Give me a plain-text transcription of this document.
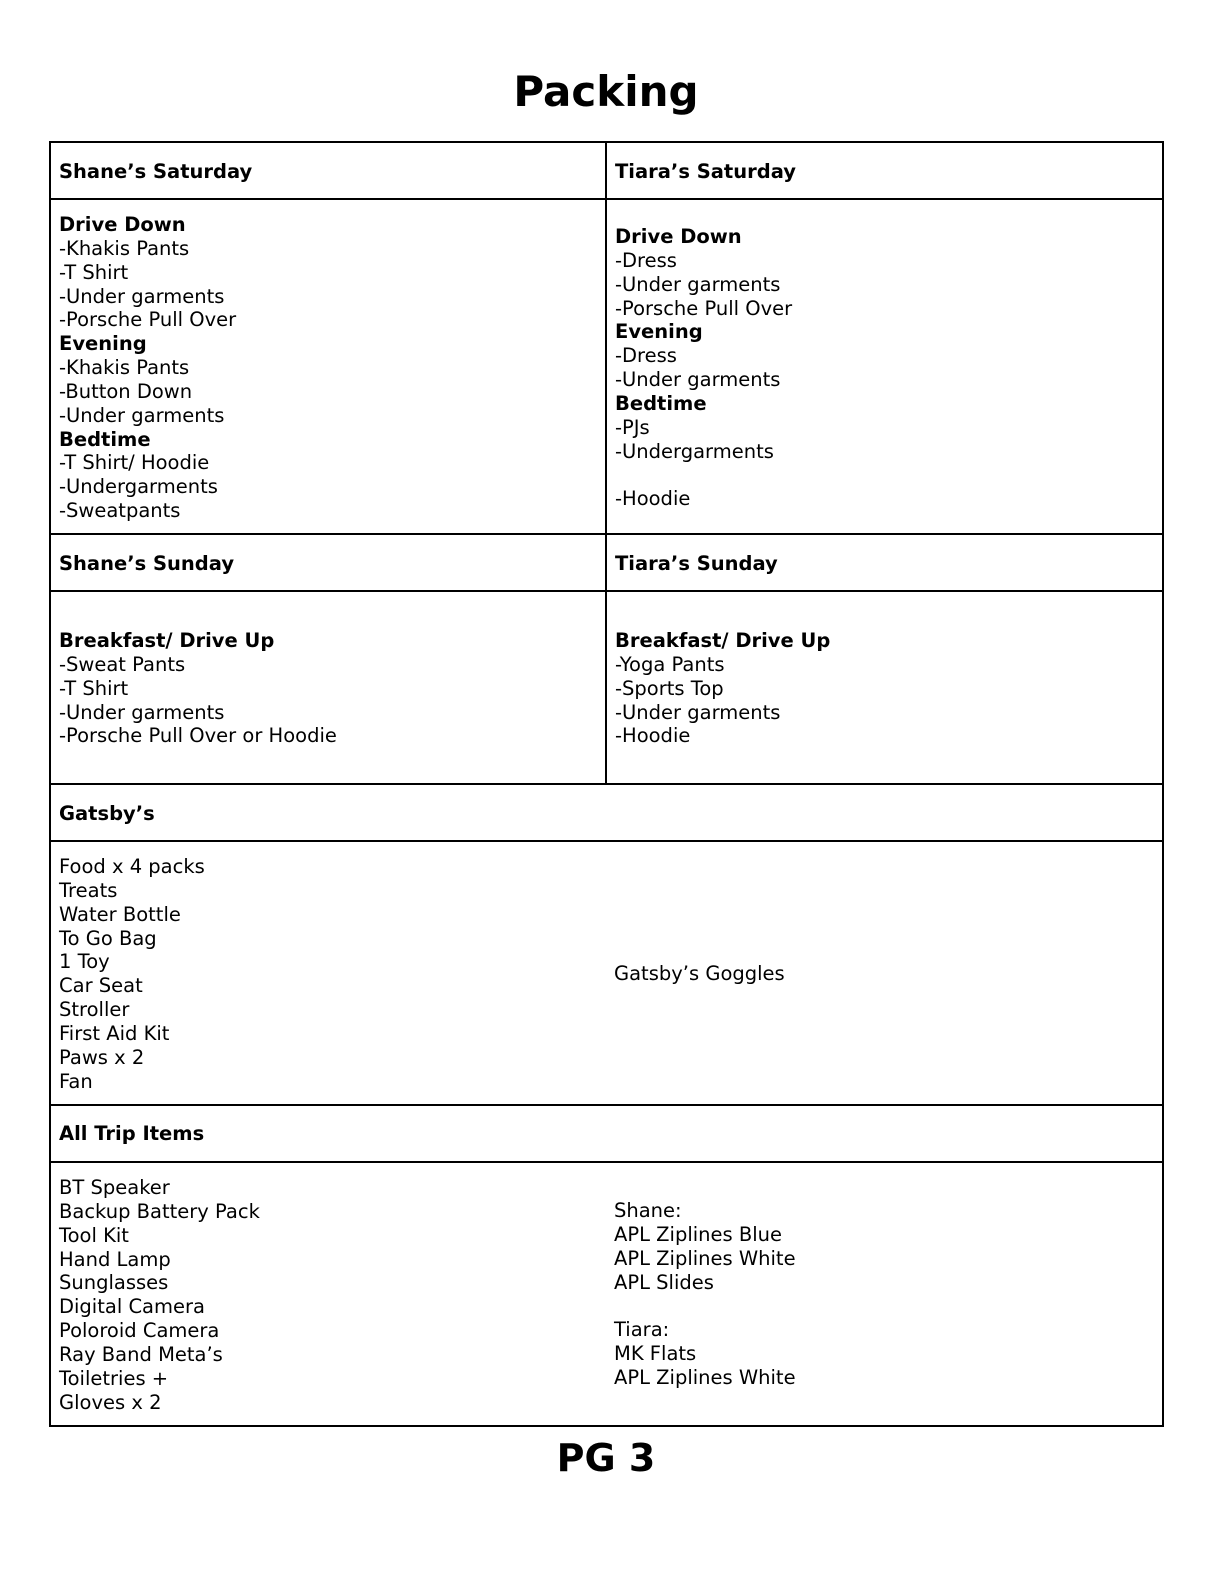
Packing
Shane’s Saturday	Tiara’s Saturday
Shane’s Sunday	Tiara’s Sunday
Gatsby’s
All Trip Items
Drive Down
-Khakis Pants
-T Shirt
-Under garments
-Porsche Pull Over
Evening
-Khakis Pants
-Button Down
-Under garments
Bedtime
-T Shirt/ Hoodie
-Undergarments
-Sweatpants
Drive Down
-Dress
-Under garments
-Porsche Pull Over
Evening
-Dress
-Under garments
Bedtime
-PJs
-Undergarments
-Hoodie
Breakfast/ Drive Up
-Sweat Pants
-T Shirt
-Under garments
-Porsche Pull Over or Hoodie
Breakfast/ Drive Up
-Yoga Pants
-Sports Top
-Under garments
-Hoodie
Food x 4 packs
Treats
Water Bottle
To Go Bag
1 Toy
Car Seat
Stroller
First Aid Kit
Paws x 2
Fan
Gatsby’s Goggles
BT Speaker
Backup Battery Pack
Tool Kit
Hand Lamp
Sunglasses
Digital Camera
Poloroid Camera
Ray Band Meta’s
Toiletries +
Gloves x 2
Shane:
APL Ziplines Blue
APL Ziplines White
APL Slides
Tiara:
MK Flats
APL Ziplines White
PG 3
